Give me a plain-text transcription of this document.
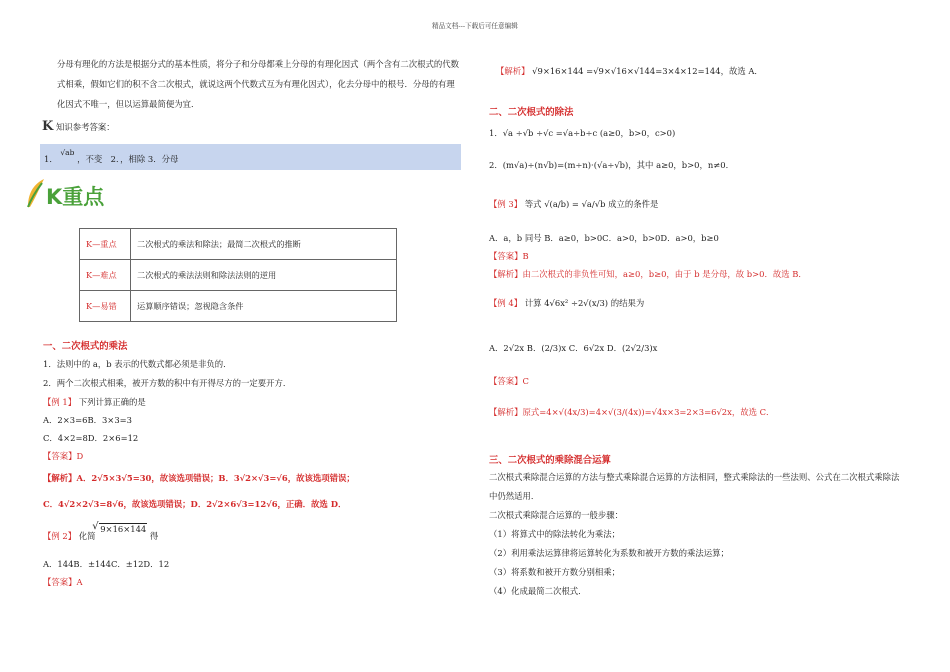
精品文档---下载后可任意编辑
分母有理化的方法是根据分式的基本性质，将分子和分母都乘上分母的有理化因式（两个含有二次根式的代数
式相乘，假如它们的积不含二次根式，就说这两个代数式互为有理化因式），化去分母中的根号．分母的有理
化因式不唯一，但以运算最简便为宜．
K 知识参考答案：
1． √ab ，不变　2．，相除 3．分母
K重点
K—重点	二次根式的乘法和除法；最简二次根式的推断
K—难点	二次根式的乘法法则和除法法则的逆用
K—易错	运算顺序错误；忽视隐含条件
一、二次根式的乘法
1．法则中的 a，b 表示的代数式都必须是非负的．
2．两个二次根式相乘，被开方数的积中有开得尽方的一定要开方．
【例 1】 下列计算正确的是
A．2×3=6B．3×3=3
C．4×2=8D．2×6=12
【答案】D
【解析】A．2√5×3√5=30，故该选项错误；B．3√2×√3=√6，故该选项错误；
C．4√2×2√3=8√6，故该选项错误；D．2√2×6√3=12√6，正确．故选 D．
【例 2】 化简 √ 9×16×144 得
A．144B．±144C．±12D．12
【答案】A
【解析】 √9×16×144 =√9×√16×√144=3×4×12=144，故选 A．
二、二次根式的除法
1．√a ÷√b ÷√c =√a÷b÷c (a≥0，b>0，c>0)
2．(m√a)÷(n√b)=(m÷n)·(√a÷√b)，其中 a≥0，b>0，n≠0．
【例 3】 等式 √(a/b) = √a/√b 成立的条件是
A．a，b 同号 B．a≥0，b>0C．a>0，b>0D．a>0，b≥0
【答案】B
【解析】由二次根式的非负性可知，a≥0，b≥0，由于 b 是分母，故 b>0．故选 B．
【例 4】 计算 4√6x² ÷2√(x/3) 的结果为
A．2√2x B．(2/3)x C．6√2x D．(2√2/3)x
【答案】C
【解析】原式=4×√(4x/3)=4×√(3/(4x))=√4x×3=2×3=6√2x，故选 C．
三、二次根式的乘除混合运算
二次根式乘除混合运算的方法与整式乘除混合运算的方法相同，整式乘除法的一些法则、公式在二次根式乘除法
中仍然适用．
二次根式乘除混合运算的一般步骤：
（1）将算式中的除法转化为乘法；
（2）利用乘法运算律将运算转化为系数和被开方数的乘法运算；
（3）将系数和被开方数分别相乘；
（4）化成最简二次根式．
